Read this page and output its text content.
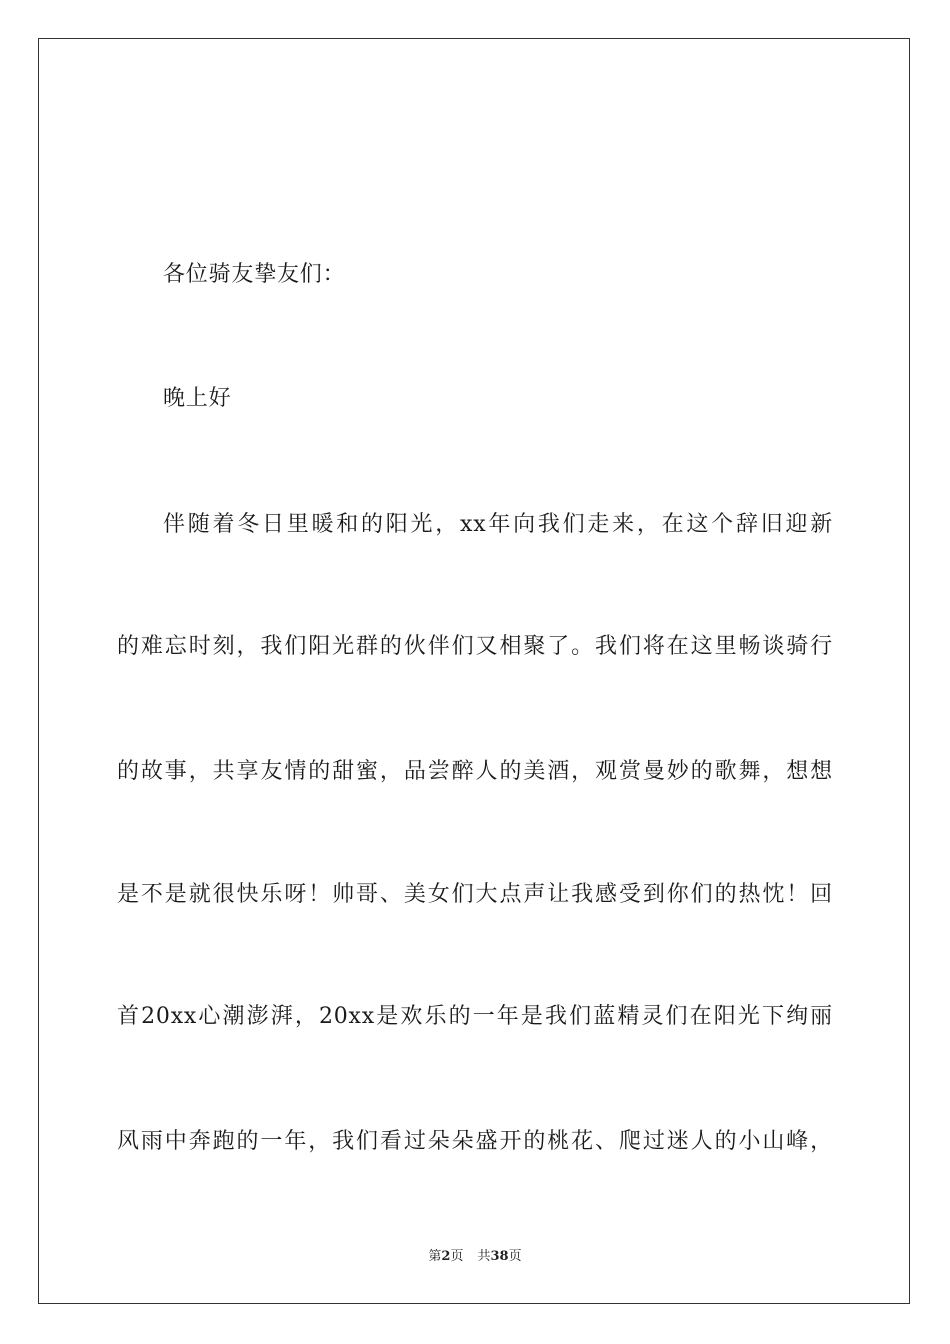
各位骑友挚友们：
晚上好
伴随着冬日里暖和的阳光，xx年向我们走来，在这个辞旧迎新
的难忘时刻，我们阳光群的伙伴们又相聚了。我们将在这里畅谈骑行
的故事，共享友情的甜蜜，品尝醉人的美酒，观赏曼妙的歌舞，想想
是不是就很快乐呀！帅哥、美女们大点声让我感受到你们的热忱！回
首20xx心潮澎湃，20xx是欢乐的一年是我们蓝精灵们在阳光下绚丽
风雨中奔跑的一年，我们看过朵朵盛开的桃花、爬过迷人的小山峰，
第2页 共38页
